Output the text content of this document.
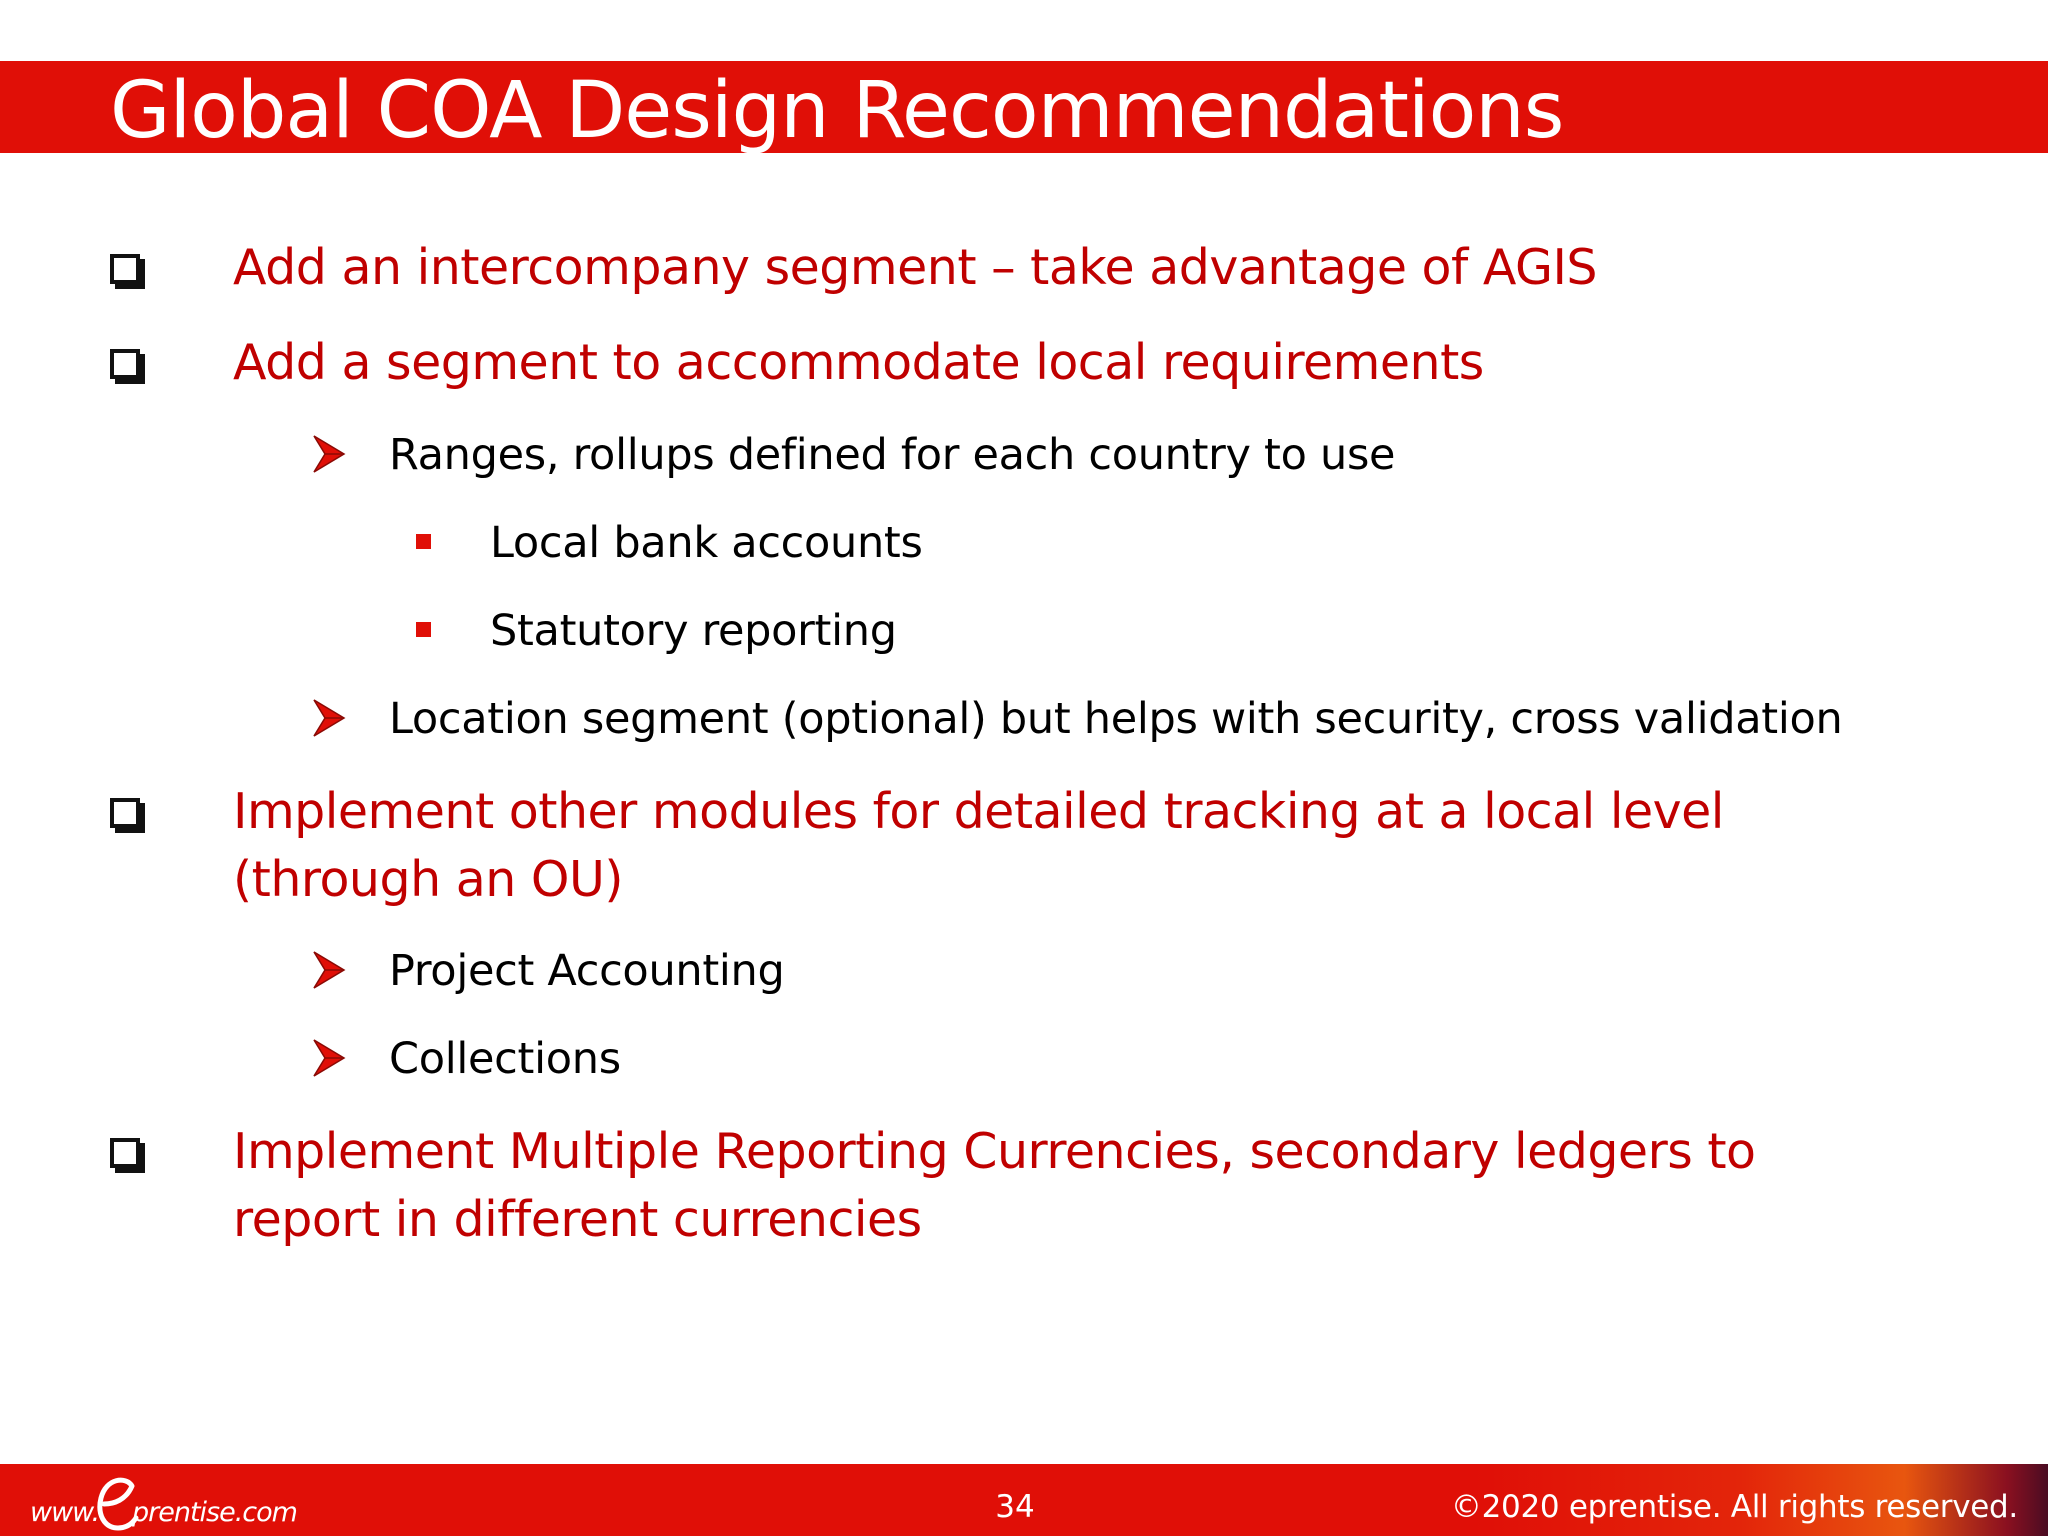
Global COA Design Recommendations
Add an intercompany segment – take advantage of AGIS
Add a segment to accommodate local requirements
Ranges, rollups defined for each country to use
Local bank accounts
Statutory reporting
Location segment (optional) but helps with security, cross validation
Implement other modules for detailed tracking at a local level
(through an OU)
Project Accounting
Collections
Implement Multiple Reporting Currencies, secondary ledgers to
report in different currencies
www. prentise.com	34	©2020 eprentise. All rights reserved.
